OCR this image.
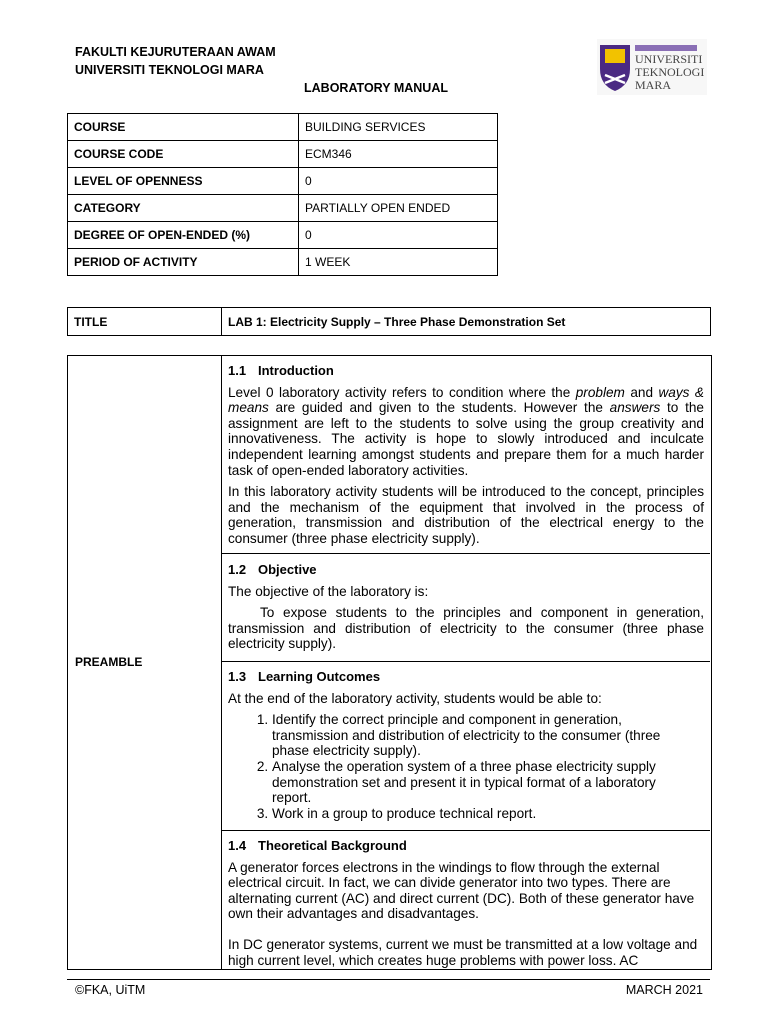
FAKULTI KEJURUTERAAN AWAM
UNIVERSITI TEKNOLOGI MARA
LABORATORY MANUAL
UNIVERSITI
TEKNOLOGI
MARA
COURSE	BUILDING SERVICES
COURSE CODE	ECM346
LEVEL OF OPENNESS	0
CATEGORY	PARTIALLY OPEN ENDED
DEGREE OF OPEN-ENDED (%)	0
PERIOD OF ACTIVITY	1 WEEK
TITLE	LAB 1: Electricity Supply – Three Phase Demonstration Set
PREAMBLE
1.1 Introduction

Level 0 laboratory activity refers to condition where the problem and ways & means are guided and given to the students. However the answers to the assignment are left to the students to solve using the group creativity and innovativeness. The activity is hope to slowly introduced and inculcate independent learning amongst students and prepare them for a much harder task of open-ended laboratory activities.

In this laboratory activity students will be introduced to the concept, principles and the mechanism of the equipment that involved in the process of generation, transmission and distribution of the electrical energy to the consumer (three phase electricity supply).

1.2 Objective

The objective of the laboratory is:

To expose students to the principles and component in generation, transmission and distribution of electricity to the consumer (three phase electricity supply).

1.3 Learning Outcomes

At the end of the laboratory activity, students would be able to:

1. Identify the correct principle and component in generation, transmission and distribution of electricity to the consumer (three phase electricity supply).
2. Analyse the operation system of a three phase electricity supply demonstration set and present it in typical format of a laboratory report.
3. Work in a group to produce technical report.
1.4 Theoretical Background

A generator forces electrons in the windings to flow through the external electrical circuit. In fact, we can divide generator into two types. There are alternating current (AC) and direct current (DC). Both of these generator have own their advantages and disadvantages.

In DC generator systems, current we must be transmitted at a low voltage and high current level, which creates huge problems with power loss. AC

©FKA, UiTM	MARCH 2021
